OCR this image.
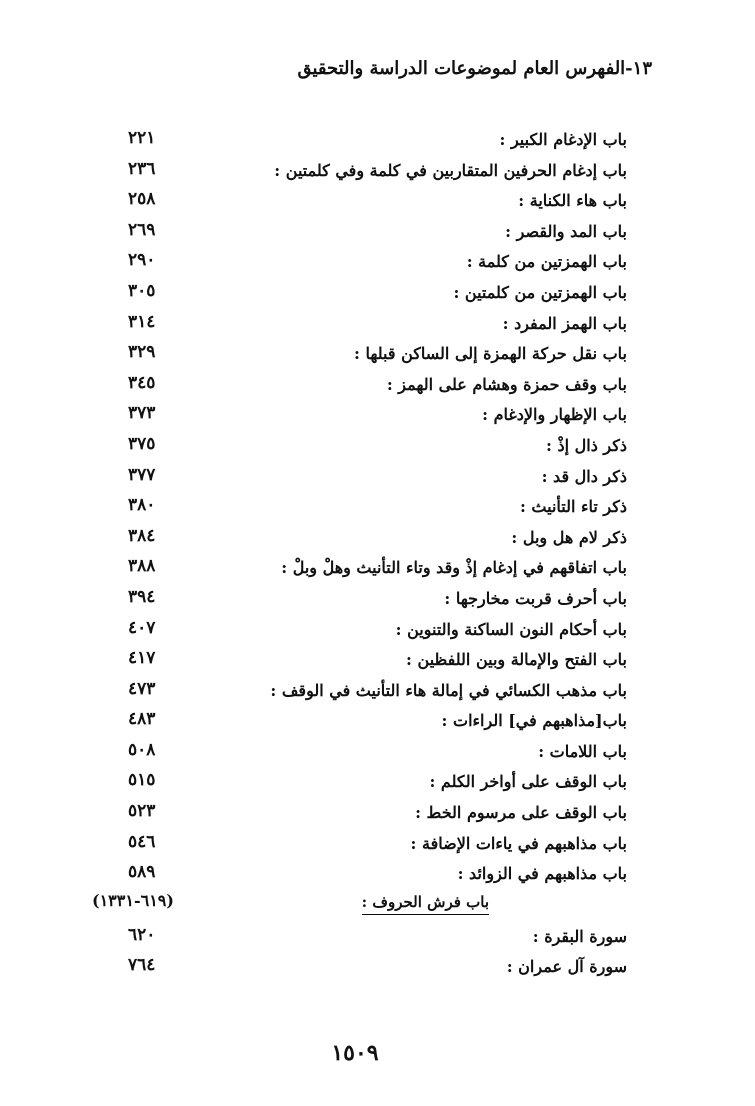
١٣-الفهرس العام لموضوعات الدراسة والتحقيق
باب الإدغام الكبير :
٢٢١
باب إدغام الحرفين المتقاربين في كلمة وفي كلمتين :
٢٣٦
باب هاء الكناية :
٢٥٨
باب المد والقصر :
٢٦٩
باب الهمزتين من كلمة :
٢٩٠
باب الهمزتين من كلمتين :
٣٠٥
باب الهمز المفرد :
٣١٤
باب نقل حركة الهمزة إلى الساكن قبلها :
٣٢٩
باب وقف حمزة وهشام على الهمز :
٣٤٥
باب الإظهار والإدغام :
٣٧٣
ذكر ذال إذْ :
٣٧٥
ذكر دال قد :
٣٧٧
ذكر تاء التأنيث :
٣٨٠
ذكر لام هل وبل :
٣٨٤
باب اتفاقهم في إدغام إذْ وقد وتاء التأنيث وهلْ وبلْ :
٣٨٨
باب أحرف قربت مخارجها :
٣٩٤
باب أحكام النون الساكنة والتنوين :
٤٠٧
باب الفتح والإمالة وبين اللفظين :
٤١٧
باب مذهب الكسائي في إمالة هاء التأنيث في الوقف :
٤٧٣
باب[مذاهبهم في] الراءات :
٤٨٣
باب اللامات :
٥٠٨
باب الوقف على أواخر الكلم :
٥١٥
باب الوقف على مرسوم الخط :
٥٢٣
باب مذاهبهم في ياءات الإضافة :
٥٤٦
باب مذاهبهم في الزوائد :
٥٨٩
باب فرش الحروف :
(٦١٩-١٣٣١)
سورة البقرة :
٦٢٠
سورة آل عمران :
٧٦٤
١٥٠٩
